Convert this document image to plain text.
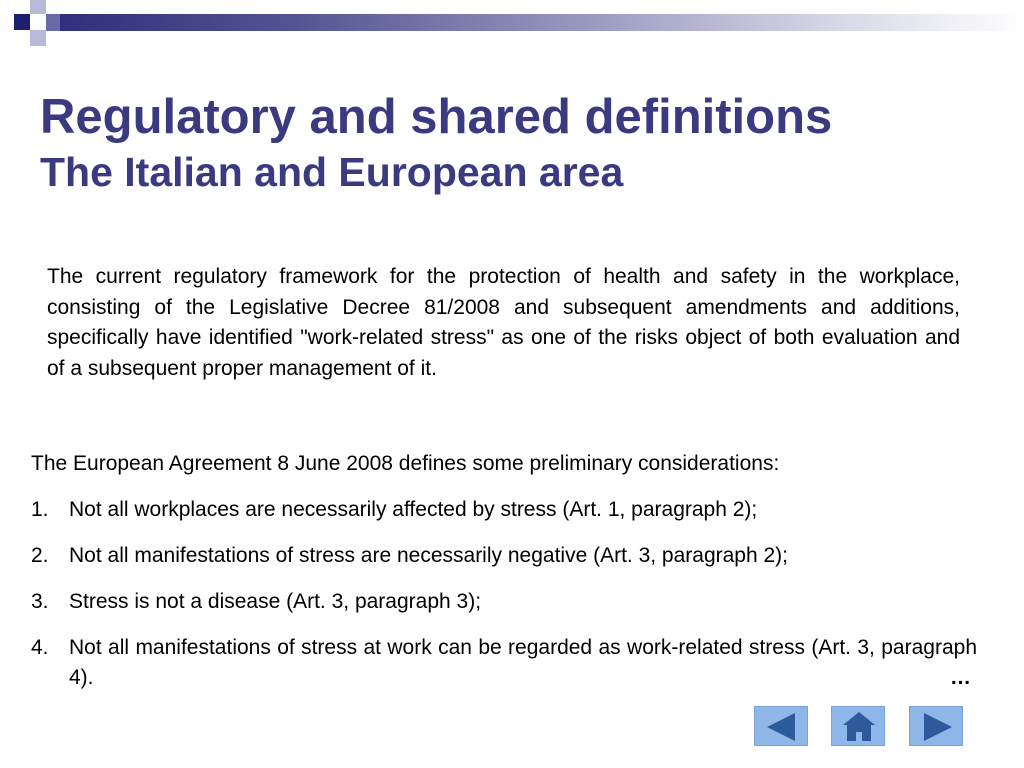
Regulatory and shared definitions
The Italian and European area
The current regulatory framework for the protection of health and safety in the workplace, consisting of the Legislative Decree 81/2008 and subsequent amendments and additions, specifically have identified "work-related stress" as one of the risks object of both evaluation and of a subsequent proper management of it.
The European Agreement 8 June 2008 defines some preliminary considerations:
1. Not all workplaces are necessarily affected by stress (Art. 1, paragraph 2);
2. Not all manifestations of stress are necessarily negative (Art. 3, paragraph 2);
3. Stress is not a disease (Art. 3, paragraph 3);
4. Not all manifestations of stress at work can be regarded as work-related stress (Art. 3, paragraph 4).	…
